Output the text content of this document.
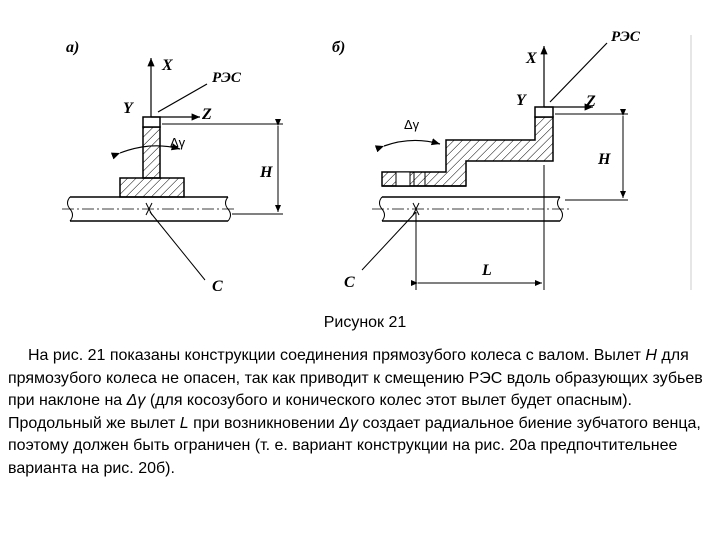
а)
X
Y	Z
РЭС
Δγ
H
C
б)
X
Y	Z
РЭС
Δγ
H
L
C
Рисунок 21

На рис. 21 показаны конструкции соединения прямозубого колеса с валом. Вылет H для прямозубого колеса не опасен, так как приводит к смещению РЭС вдоль образующих зубьев при наклоне на Δγ (для косозубого и конического колес этот вылет будет опасным). Продольный же вылет L при возникновении Δγ создает радиальное биение зубчатого венца, поэтому должен быть ограничен (т. е. вариант конструкции на рис. 20а предпочтительнее варианта на рис. 20б).
